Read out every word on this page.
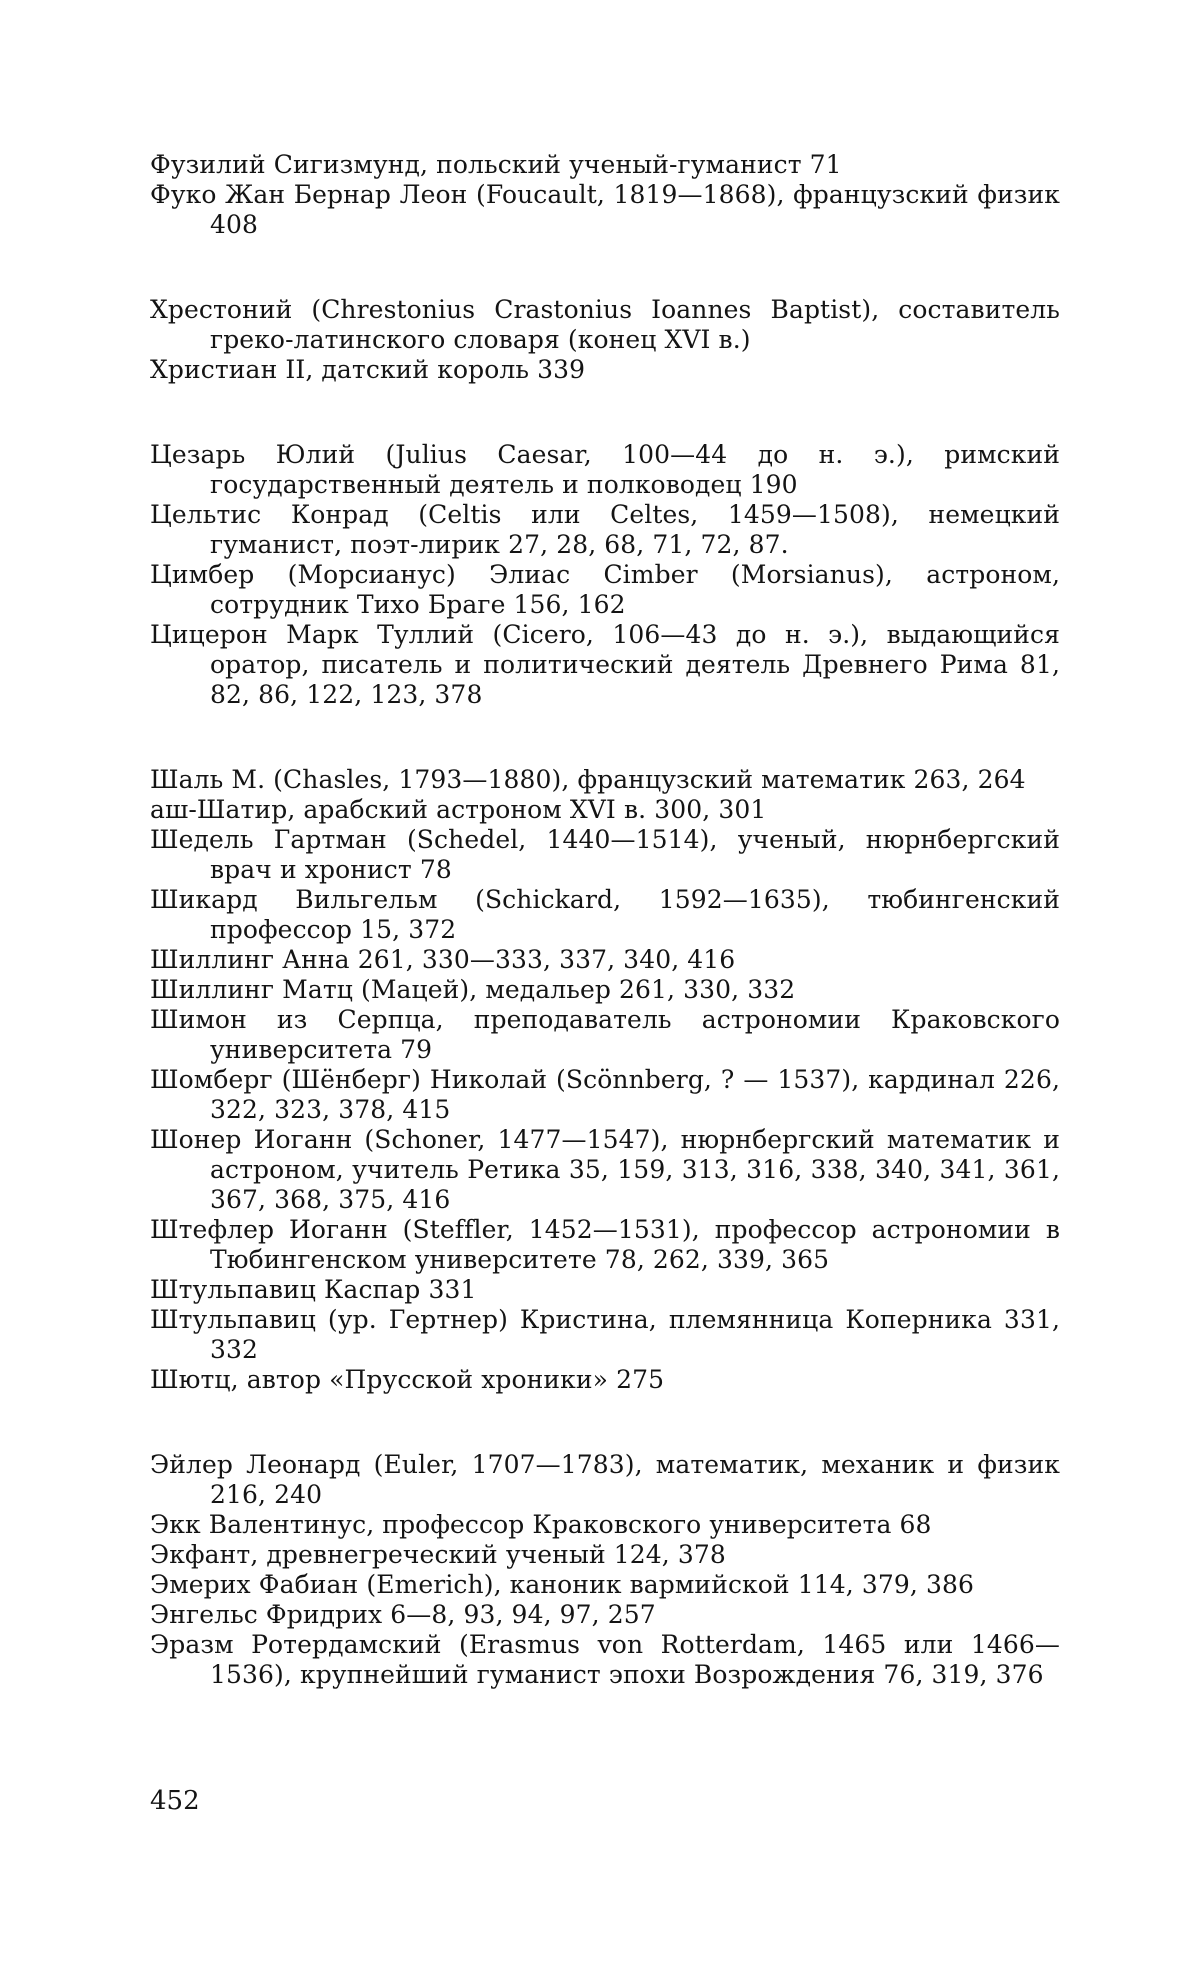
Фузилий Сигизмунд, польский ученый-гуманист 71

Фуко Жан Бернар Леон (Foucault, 1819—1868), французский физик 408

Хрестоний (Chrestonius Crastonius Ioannes Baptist), составитель греко-латинского словаря (конец XVI в.)

Христиан II, датский король 339

Цезарь Юлий (Julius Caesar, 100—44 до н. э.), римский государственный деятель и полководец 190

Цельтис Конрад (Celtis или Celtes, 1459—1508), немецкий гуманист, поэт-лирик 27, 28, 68, 71, 72, 87.

Цимбер (Морсианус) Элиас Cimber (Morsianus), астроном, сотрудник Тихо Браге 156, 162

Цицерон Марк Туллий (Cicero, 106—43 до н. э.), выдающийся оратор, писатель и политический деятель Древнего Рима 81, 82, 86, 122, 123, 378

Шаль М. (Chasles, 1793—1880), французский математик 263, 264

аш-Шатир, арабский астроном XVI в. 300, 301

Шедель Гартман (Schedel, 1440—1514), ученый, нюрнбергский врач и хронист 78

Шикард Вильгельм (Schickard, 1592—1635), тюбингенский профессор 15, 372

Шиллинг Анна 261, 330—333, 337, 340, 416

Шиллинг Матц (Мацей), медальер 261, 330, 332

Шимон из Серпца, преподаватель астрономии Краковского университета 79

Шомберг (Шёнберг) Николай (Scönnberg, ? — 1537), кардинал 226, 322, 323, 378, 415

Шонер Иоганн (Schoner, 1477—1547), нюрнбергский математик и астроном, учитель Ретика 35, 159, 313, 316, 338, 340, 341, 361, 367, 368, 375, 416

Штефлер Иоганн (Steffler, 1452—1531), профессор астрономии в Тюбингенском университете 78, 262, 339, 365

Штульпавиц Каспар 331

Штульпавиц (ур. Гертнер) Кристина, племянница Коперника 331, 332

Шютц, автор «Прусской хроники» 275

Эйлер Леонард (Euler, 1707—1783), математик, механик и физик 216, 240

Экк Валентинус, профессор Краковского университета 68

Экфант, древнегреческий ученый 124, 378

Эмерих Фабиан (Emerich), каноник вармийской 114, 379, 386

Энгельс Фридрих 6—8, 93, 94, 97, 257

Эразм Ротердамский (Erasmus von Rotterdam, 1465 или 1466—1536), крупнейший гуманист эпохи Возрождения 76, 319, 376

452
